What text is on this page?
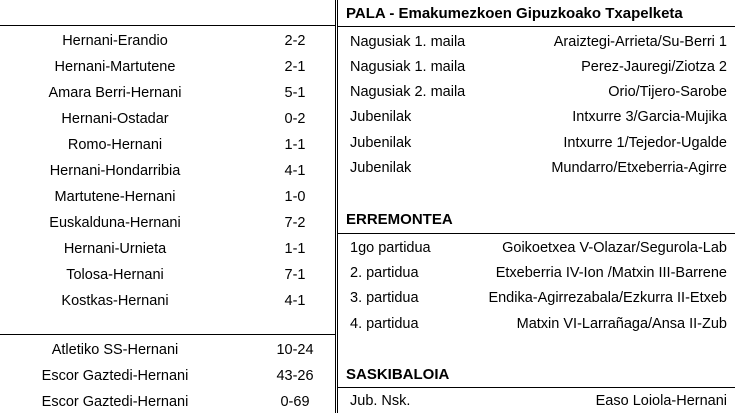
Hernani-Erandio	2-2
Hernani-Martutene	2-1
Amara Berri-Hernani	5-1
Hernani-Ostadar	0-2
Romo-Hernani	1-1
Hernani-Hondarribia	4-1
Martutene-Hernani	1-0
Euskalduna-Hernani	7-2
Hernani-Urnieta	1-1
Tolosa-Hernani	7-1
Kostkas-Hernani	4-1
Atletiko SS-Hernani	10-24
Escor Gaztedi-Hernani	43-26
Escor Gaztedi-Hernani	0-69
PALA - Emakumezkoen Gipuzkoako Txapelketa
Nagusiak 1. maila	Araiztegi-Arrieta/Su-Berri 1
Nagusiak 1. maila	Perez-Jauregi/Ziotza 2
Nagusiak 2. maila	Orio/Tijero-Sarobe
Jubenilak	Intxurre 3/Garcia-Mujika
Jubenilak	Intxurre 1/Tejedor-Ugalde
Jubenilak	Mundarro/Etxeberria-Agirre
ERREMONTEA
1go partidua	Goikoetxea V-Olazar/Segurola-Lab
2. partidua	Etxeberria IV-Ion /Matxin III-Barrene
3. partidua	Endika-Agirrezabala/Ezkurra II-Etxeb
4. partidua	Matxin VI-Larrañaga/Ansa II-Zub
SASKIBALOIA
Jub. Nsk.	Easo Loiola-Hernani
